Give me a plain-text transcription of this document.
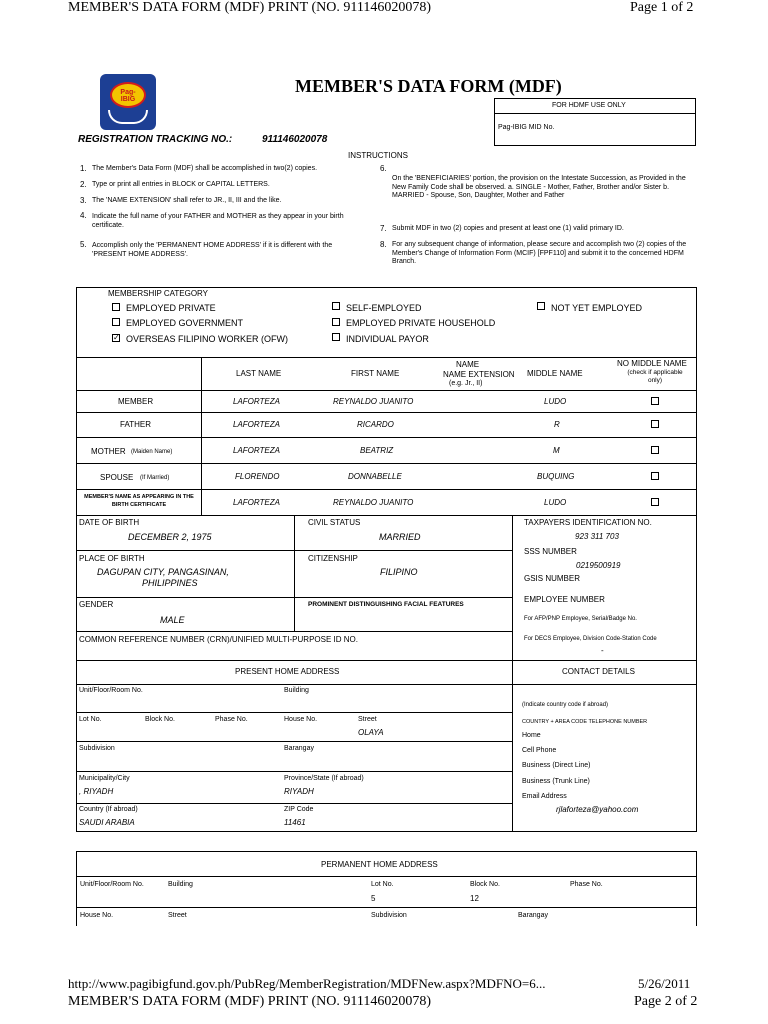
MEMBER'S DATA FORM (MDF) PRINT (NO. 911146020078)	Page 1 of 2
Pag-IBIG
MEMBER'S DATA FORM (MDF)
FOR HDMF USE ONLY
Pag-IBIG MID No.
REGISTRATION TRACKING NO.:	911146020078
INSTRUCTIONS
1. The Member's Data Form (MDF) shall be accomplished in two(2) copies.
2. Type or print all entries in BLOCK or CAPITAL LETTERS.
3. The 'NAME EXTENSION' shall refer to JR., II, III and the like.
4. Indicate the full name of your FATHER and MOTHER as they appear in your birth certificate.
5. Accomplish only the 'PERMANENT HOME ADDRESS' if it is different with the 'PRESENT HOME ADDRESS'.
6.
On the 'BENEFICIARIES' portion, the provision on the Intestate Succession, as Provided in the New Family Code shall be observed. a. SINGLE - Mother, Father, Brother and/or Sister b. MARRIED - Spouse, Son, Daughter, Mother and Father
7. Submit MDF in two (2) copies and present at least one (1) valid primary ID.
8. For any subsequent change of information, please secure and accomplish two (2) copies of the Member's Change of Information Form (MCIF) [FPF110] and submit it to the concerned HDFM Branch.
MEMBERSHIP CATEGORY
EMPLOYED PRIVATE
EMPLOYED GOVERNMENT
✓ OVERSEAS FILIPINO WORKER (OFW)
SELF-EMPLOYED
EMPLOYED PRIVATE HOUSEHOLD
INDIVIDUAL PAYOR
NOT YET EMPLOYED
LAST NAME	FIRST NAME
NAME
NAME EXTENSION
(e.g. Jr., II)
MIDDLE NAME
NO MIDDLE NAME
(check if applicable only)
MEMBER	LAFORTEZA	REYNALDO JUANITO	LUDO
FATHER	LAFORTEZA	RICARDO	R
MOTHER (Maiden Name)	LAFORTEZA	BEATRIZ	M
SPOUSE (If Married)	FLORENDO	DONNABELLE	BUQUING
MEMBER'S NAME AS APPEARING IN THE BIRTH CERTIFICATE	LAFORTEZA	REYNALDO JUANITO	LUDO
DATE OF BIRTH
DECEMBER 2, 1975
CIVIL STATUS
MARRIED
PLACE OF BIRTH
DAGUPAN CITY, PANGASINAN,
PHILIPPINES
CITIZENSHIP
FILIPINO
GENDER
MALE
PROMINENT DISTINGUISHING FACIAL FEATURES
COMMON REFERENCE NUMBER (CRN)/UNIFIED MULTI-PURPOSE ID NO.
TAXPAYERS IDENTIFICATION NO.
923 311 703
SSS NUMBER
0219500919
GSIS NUMBER
EMPLOYEE NUMBER
For AFP/PNP Employee, Serial/Badge No.
For DECS Employee, Division Code-Station Code
-
PRESENT HOME ADDRESS	CONTACT DETAILS
Unit/Floor/Room No.	Building
Lot No.	Block No.	Phase No.	House No.	Street
OLAYA
Subdivision	Barangay
Municipality/City
, RIYADH
Province/State (If abroad)
RIYADH
Country (If abroad)
SAUDI ARABIA
ZIP Code
11461
(Indicate country code if abroad)
COUNTRY + AREA CODE TELEPHONE NUMBER
Home
Cell Phone
Business (Direct Line)
Business (Trunk Line)
Email Address
rjlaforteza@yahoo.com
PERMANENT HOME ADDRESS
Unit/Floor/Room No.	Building	Lot No.
5
Block No.
12
Phase No.
House No.	Street	Subdivision	Barangay
http://www.pagibigfund.gov.ph/PubReg/MemberRegistration/MDFNew.aspx?MDFNO=6...	5/26/2011
MEMBER'S DATA FORM (MDF) PRINT (NO. 911146020078)	Page 2 of 2
